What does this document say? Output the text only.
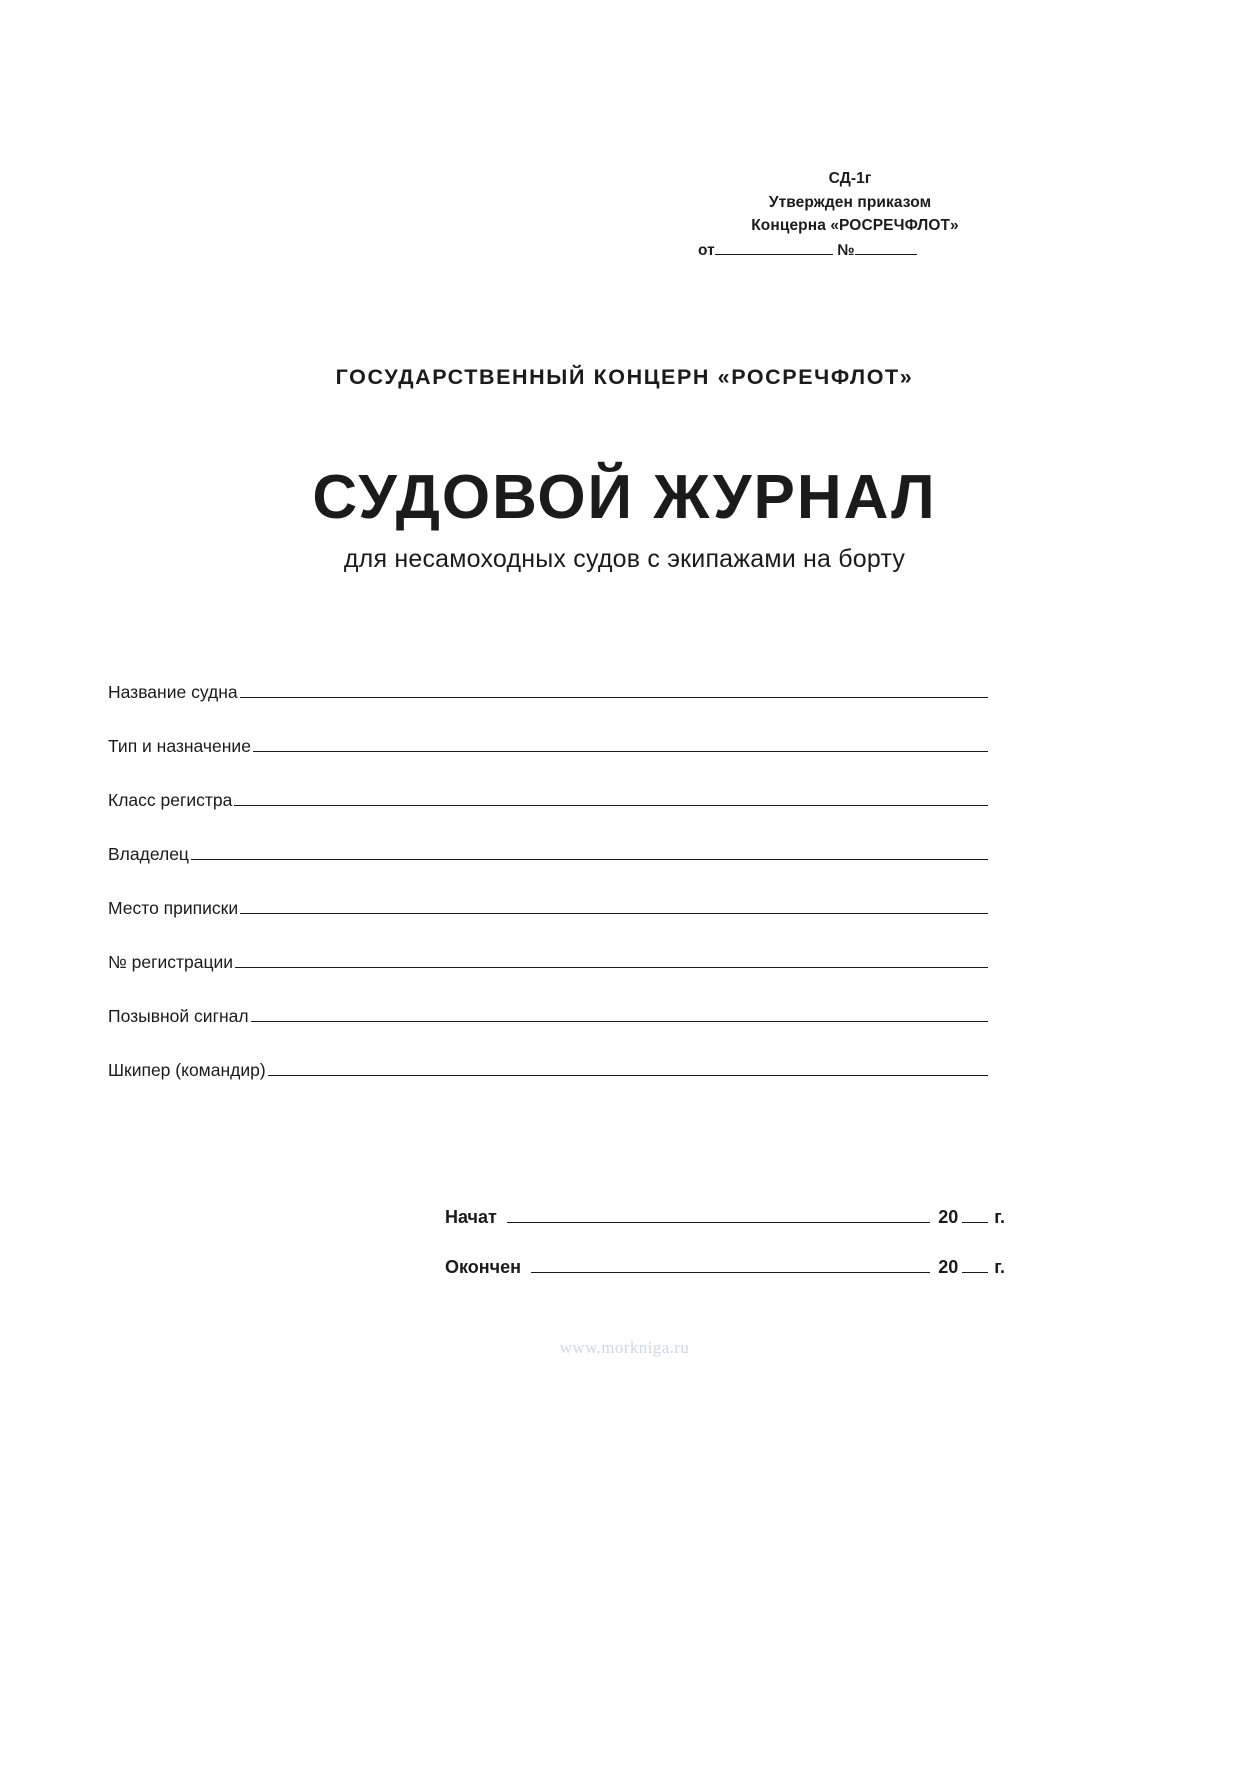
СД-1г
Утвержден приказом
Концерна «РОСРЕЧФЛОТ»
от	№
ГОСУДАРСТВЕННЫЙ КОНЦЕРН «РОСРЕЧФЛОТ»
СУДОВОЙ ЖУРНАЛ
для несамоходных судов с экипажами на борту
Название судна
Тип и назначение
Класс регистра
Владелец
Место приписки
№ регистрации
Позывной сигнал
Шкипер (командир)
Начат	20 г.
Окончен	20 г.
www.morkniga.ru
